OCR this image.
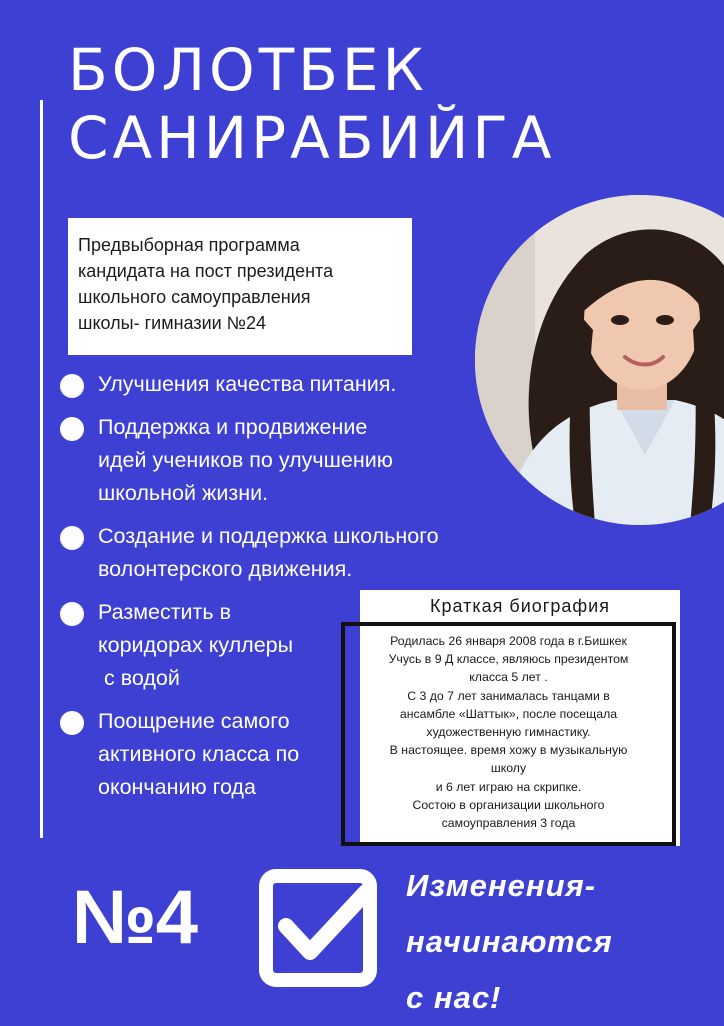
БОЛОТБЕК
САНИРАБИЙГА
Предвыборная программа
кандидата на пост президента
школьного самоуправления
школы- гимназии №24
Улучшения качества питания.
Поддержка и продвижение
идей учеников по улучшению
школьной жизни.
Создание и поддержка школьного
волонтерского движения.
Разместить в
коридорах куллеры
с водой
Поощрение самого
активного класса по
окончанию года
Краткая биография
Родилась 26 января 2008 года в г.Бишкек
Учусь в 9 Д классе, являюсь президентом
класса 5 лет .
С 3 до 7 лет занималась танцами в
ансамбле «Шаттык», после посещала
художественную гимнастику.
В настоящее. время хожу в музыкальную
школу
и 6 лет играю на скрипке.
Состою в организации школьного
самоуправления 3 года
№4	Изменения-
начинаются
с нас!
